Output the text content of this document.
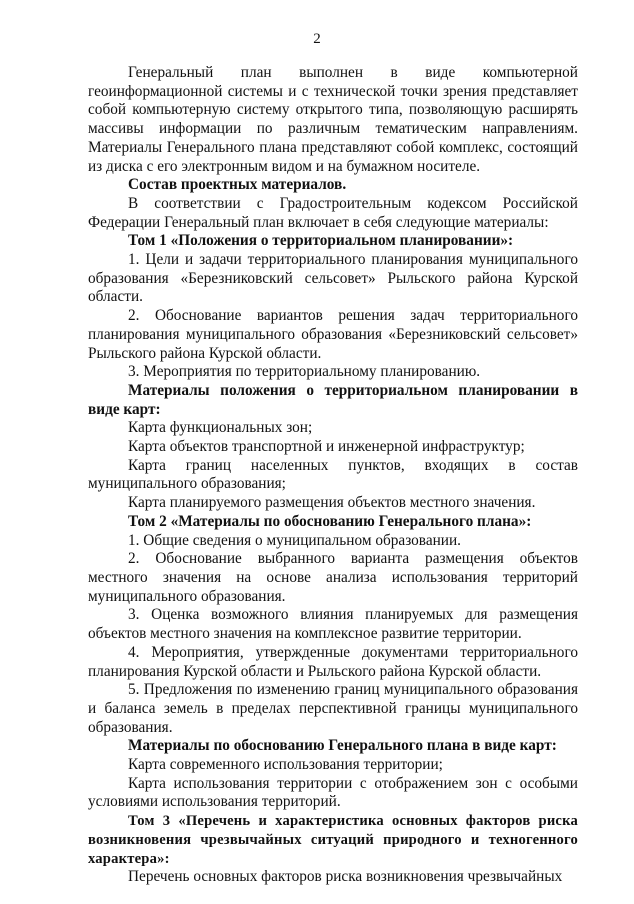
2

Генеральный план выполнен в виде компьютерной геоинформационной системы и с технической точки зрения представляет собой компьютерную систему открытого типа, позволяющую расширять массивы информации по различным тематическим направлениям. Материалы Генерального плана представляют собой комплекс, состоящий из диска с его электронным видом и на бумажном носителе.

Состав проектных материалов.

В соответствии с Градостроительным кодексом Российской Федерации Генеральный план включает в себя следующие материалы:

Том 1 «Положения о территориальном планировании»:

1. Цели и задачи территориального планирования муниципального образования «Березниковский сельсовет» Рыльского района Курской области.

2. Обоснование вариантов решения задач территориального планирования муниципального образования «Березниковский сельсовет» Рыльского района Курской области.

3. Мероприятия по территориальному планированию.

Материалы положения о территориальном планировании в виде карт:

Карта функциональных зон;

Карта объектов транспортной и инженерной инфраструктур;

Карта границ населенных пунктов, входящих в состав муниципального образования;

Карта планируемого размещения объектов местного значения.

Том 2 «Материалы по обоснованию Генерального плана»:

1. Общие сведения о муниципальном образовании.

2. Обоснование выбранного варианта размещения объектов местного значения на основе анализа использования территорий муниципального образования.

3. Оценка возможного влияния планируемых для размещения объектов местного значения на комплексное развитие территории.

4. Мероприятия, утвержденные документами территориального планирования Курской области и Рыльского района Курской области.

5. Предложения по изменению границ муниципального образования и баланса земель в пределах перспективной границы муниципального образования.

Материалы по обоснованию Генерального плана в виде карт:

Карта современного использования территории;

Карта использования территории с отображением зон с особыми условиями использования территорий.

Том 3 «Перечень и характеристика основных факторов риска возникновения чрезвычайных ситуаций природного и техногенного характера»:

Перечень основных факторов риска возникновения чрезвычайных
